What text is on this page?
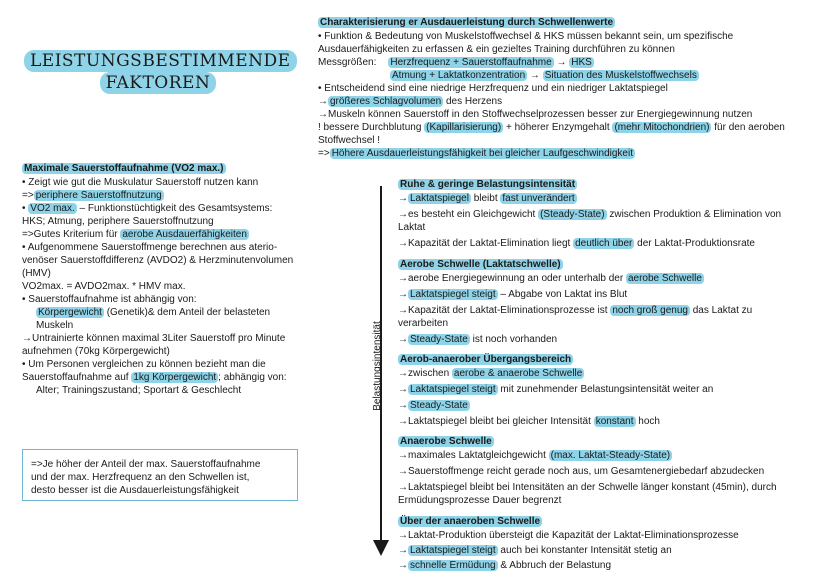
LEISTUNGSBESTIMMENDE
FAKTOREN
Charakterisierung er Ausdauerleistung durch Schwellenwerte
• Funktion & Bedeutung von Muskelstoffwechsel & HKS müssen bekannt sein, um spezifische
Ausdauerfähigkeiten zu erfassen & ein gezieltes Training durchführen zu können
Messgrößen: Herzfrequenz + Sauerstoffaufnahme → HKS
Atmung + Laktatkonzentration → Situation des Muskelstoffwechsels
• Entscheidend sind eine niedrige Herzfrequenz und ein niedriger Laktatspiegel
→ größeres Schlagvolumen des Herzens
→Muskeln können Sauerstoff in den Stoffwechselprozessen besser zur Energiegewinnung nutzen
! bessere Durchblutung (Kapillarisierung) + höherer Enzymgehalt (mehr Mitochondrien) für den aeroben
Stoffwechsel !
=> Höhere Ausdauerleistungsfähigkeit bei gleicher Laufgeschwindigkeit
Maximale Sauerstoffaufnahme (VO2 max.)
• Zeigt wie gut die Muskulatur Sauerstoff nutzen kann
=> periphere Sauerstoffnutzung
• VO2 max. – Funktionstüchtigkeit des Gesamtsystems:
HKS; Atmung, periphere Sauerstoffnutzung
=>Gutes Kriterium für aerobe Ausdauerfähigkeiten
• Aufgenommene Sauerstoffmenge berechnen aus aterio-
venöser Sauerstoffdifferenz (AVDO2) & Herzminutenvolumen
(HMV)
VO2max. = AVDO2max. * HMV max.
• Sauerstoffaufnahme ist abhängig von:
Körpergewicht (Genetik)& dem Anteil der belasteten
Muskeln
→Untrainierte können maximal 3Liter Sauerstoff pro Minute
aufnehmen (70kg Körpergewicht)
• Um Personen vergleichen zu können bezieht man die
Sauerstoffaufnahme auf 1kg Körpergewicht ; abhängig von:
Alter; Trainingszustand; Sportart & Geschlecht
=>Je höher der Anteil der max. Sauerstoffaufnahme
und der max. Herzfrequenz an den Schwellen ist,
desto besser ist die Ausdauerleistungsfähigkeit
Belastungsintensität
Ruhe & geringe Belastungsintensität
→ Laktatspiegel bleibt fast unverändert
→es besteht ein Gleichgewicht (Steady-State) zwischen Produktion & Elimination von
Laktat
→Kapazität der Laktat-Elimination liegt deutlich über der Laktat-Produktionsrate
Aerobe Schwelle (Laktatschwelle)
→aerobe Energiegewinnung an oder unterhalb der aerobe Schwelle
→ Laktatspiegel steigt – Abgabe von Laktat ins Blut
→Kapazität der Laktat-Eliminationsprozesse ist noch groß genug das Laktat zu
verarbeiten
→ Steady-State ist noch vorhanden
Aerob-anaerober Übergangsbereich
→zwischen aerobe & anaerobe Schwelle
→ Laktatspiegel steigt mit zunehmender Belastungsintensität weiter an
→ Steady-State
→Laktatspiegel bleibt bei gleicher Intensität konstant hoch
Anaerobe Schwelle
→maximales Laktatgleichgewicht (max. Laktat-Steady-State)
→Sauerstoffmenge reicht gerade noch aus, um Gesamtenergiebedarf abzudecken
→Laktatspiegel bleibt bei Intensitäten an der Schwelle länger konstant (45min), durch
Ermüdungsprozesse Dauer begrenzt
Über der anaeroben Schwelle
→Laktat-Produktion übersteigt die Kapazität der Laktat-Eliminationsprozesse
→ Laktatspiegel steigt auch bei konstanter Intensität stetig an
→ schnelle Ermüdung & Abbruch der Belastung
